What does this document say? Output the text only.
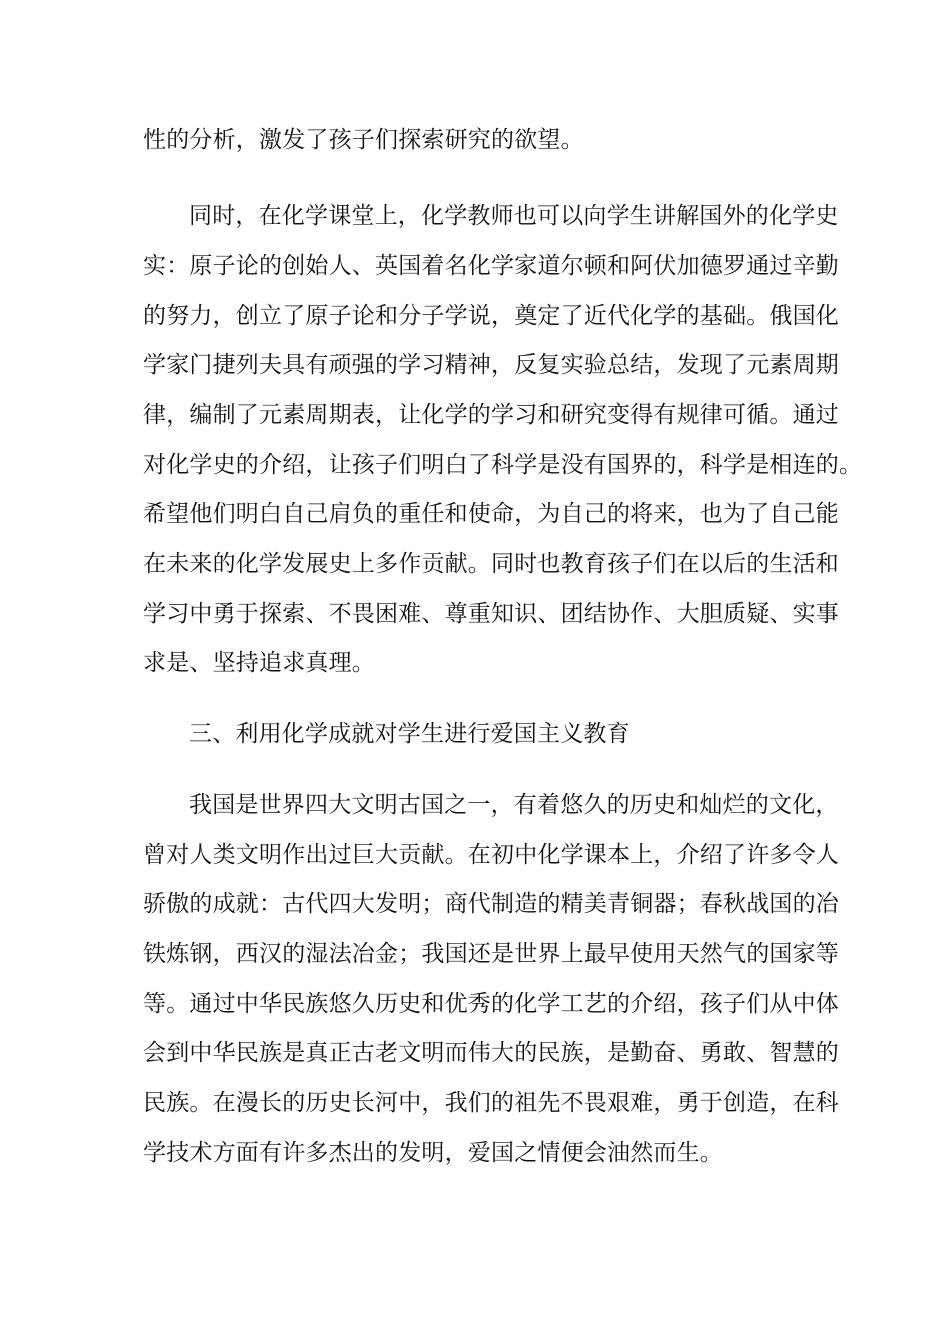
性的分析，激发了孩子们探索研究的欲望。
同时，在化学课堂上，化学教师也可以向学生讲解国外的化学史
实：原子论的创始人、英国着名化学家道尔顿和阿伏加德罗通过辛勤
的努力，创立了原子论和分子学说，奠定了近代化学的基础。俄国化
学家门捷列夫具有顽强的学习精神，反复实验总结，发现了元素周期
律，编制了元素周期表，让化学的学习和研究变得有规律可循。通过
对化学史的介绍，让孩子们明白了科学是没有国界的，科学是相连的。
希望他们明白自己肩负的重任和使命，为自己的将来，也为了自己能
在未来的化学发展史上多作贡献。同时也教育孩子们在以后的生活和
学习中勇于探索、不畏困难、尊重知识、团结协作、大胆质疑、实事
求是、坚持追求真理。
三、利用化学成就对学生进行爱国主义教育
我国是世界四大文明古国之一，有着悠久的历史和灿烂的文化，
曾对人类文明作出过巨大贡献。在初中化学课本上，介绍了许多令人
骄傲的成就：古代四大发明；商代制造的精美青铜器；春秋战国的冶
铁炼钢，西汉的湿法冶金；我国还是世界上最早使用天然气的国家等
等。通过中华民族悠久历史和优秀的化学工艺的介绍，孩子们从中体
会到中华民族是真正古老文明而伟大的民族，是勤奋、勇敢、智慧的
民族。在漫长的历史长河中，我们的祖先不畏艰难，勇于创造，在科
学技术方面有许多杰出的发明，爱国之情便会油然而生。
